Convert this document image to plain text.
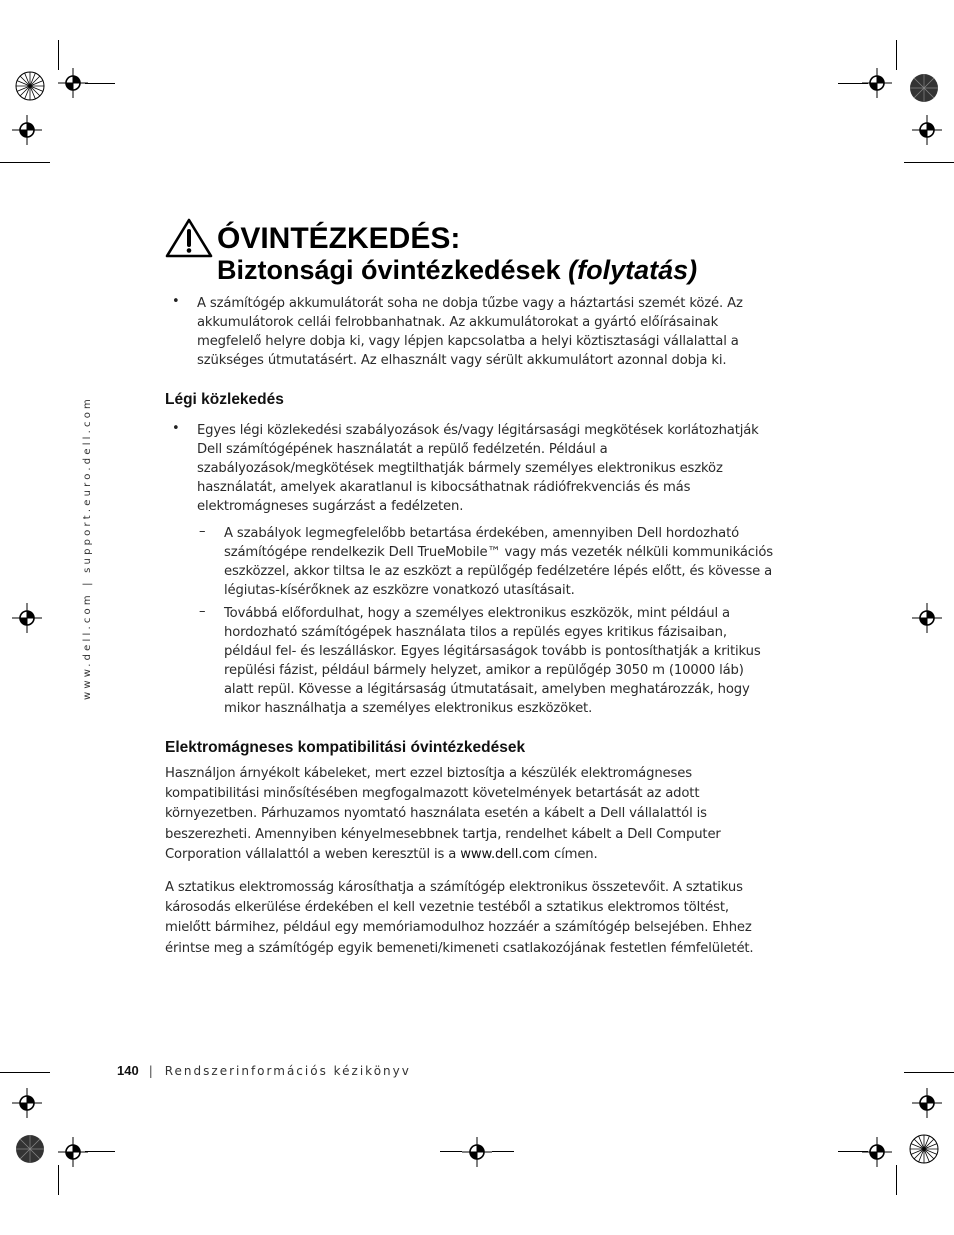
www.dell.com | support.euro.dell.com
ÓVINTÉZKEDÉS:
Biztonsági óvintézkedések (folytatás)
• A számítógép akkumulátorát soha ne dobja tűzbe vagy a háztartási szemét közé. Az akkumulátorok cellái felrobbanhatnak. Az akkumulátorokat a gyártó előírásainak megfelelő helyre dobja ki, vagy lépjen kapcsolatba a helyi köztisztasági vállalattal a szükséges útmutatásért. Az elhasznált vagy sérült akkumulátort azonnal dobja ki.
Légi közlekedés
• Egyes légi közlekedési szabályozások és/vagy légitársasági megkötések korlátozhatják Dell számítógépének használatát a repülő fedélzetén. Például a szabályozások/megkötések megtilthatják bármely személyes elektronikus eszköz használatát, amelyek akaratlanul is kibocsáthatnak rádiófrekvenciás és más elektromágneses sugárzást a fedélzeten.
– A szabályok legmegfelelőbb betartása érdekében, amennyiben Dell hordozható számítógépe rendelkezik Dell TrueMobile™ vagy más vezeték nélküli kommunikációs eszközzel, akkor tiltsa le az eszközt a repülőgép fedélzetére lépés előtt, és kövesse a légiutas-kísérőknek az eszközre vonatkozó utasításait.
– Továbbá előfordulhat, hogy a személyes elektronikus eszközök, mint például a hordozható számítógépek használata tilos a repülés egyes kritikus fázisaiban, például fel- és leszálláskor. Egyes légitársaságok tovább is pontosíthatják a kritikus repülési fázist, például bármely helyzet, amikor a repülőgép 3050 m (10000 láb) alatt repül. Kövesse a légitársaság útmutatásait, amelyben meghatározzák, hogy mikor használhatja a személyes elektronikus eszközöket.
Elektromágneses kompatibilitási óvintézkedések
Használjon árnyékolt kábeleket, mert ezzel biztosítja a készülék elektromágneses kompatibilitási minősítésében megfogalmazott követelmények betartását az adott környezetben. Párhuzamos nyomtató használata esetén a kábelt a Dell vállalattól is beszerezheti. Amennyiben kényelmesebbnek tartja, rendelhet kábelt a Dell Computer Corporation vállalattól a weben keresztül is a www.dell.com címen.
A sztatikus elektromosság károsíthatja a számítógép elektronikus összetevőit. A sztatikus károsodás elkerülése érdekében el kell vezetnie testéből a sztatikus elektromos töltést, mielőtt bármihez, például egy memóriamodulhoz hozzáér a számítógép belsejében. Ehhez érintse meg a számítógép egyik bemeneti/kimeneti csatlakozójának festetlen fémfelületét.
140 | Rendszerinformációs kézikönyv
